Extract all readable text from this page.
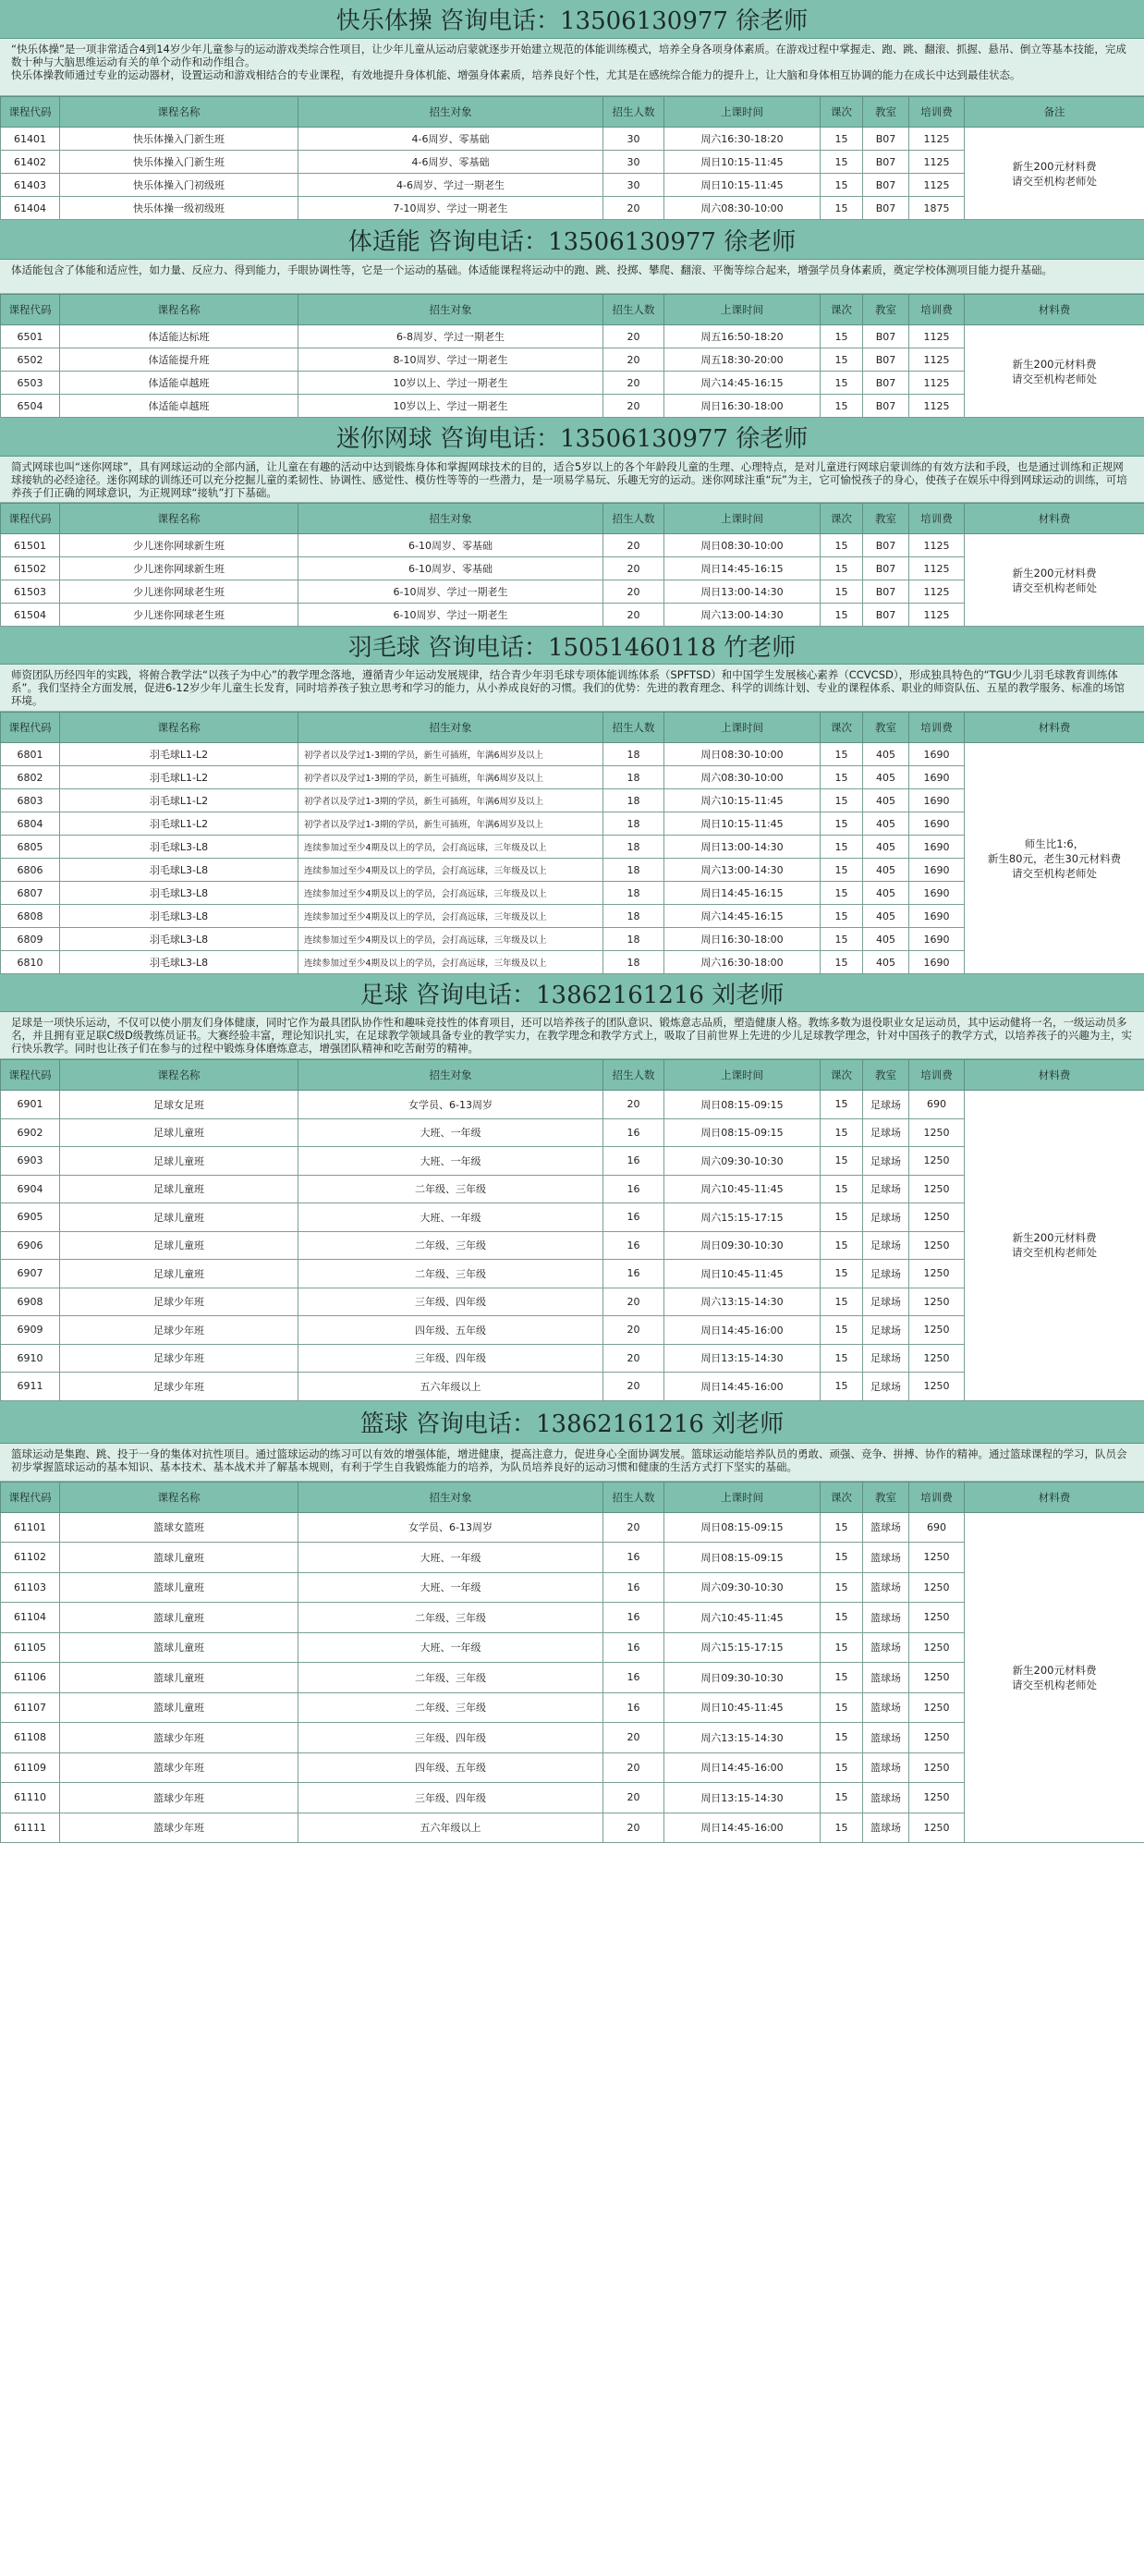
快乐体操 咨询电话：13506130977 徐老师
“快乐体操”是一项非常适合4到14岁少年儿童参与的运动游戏类综合性项目，让少年儿童从运动启蒙就逐步开始建立规范的体能训练模式，培养全身各项身体素质。在游戏过程中掌握走、跑、跳、翻滚、抓握、悬吊、倒立等基本技能，完成数十种与大脑思维运动有关的单个动作和动作组合。
快乐体操教师通过专业的运动器材，设置运动和游戏相结合的专业课程，有效地提升身体机能、增强身体素质，培养良好个性，尤其是在感统综合能力的提升上，让大脑和身体相互协调的能力在成长中达到最佳状态。
课程代码	课程名称	招生对象	招生人数	上课时间	课次	教室	培训费	备注
61401	快乐体操入门新生班	4-6周岁、零基础	30	周六16:30-18:20	15	B07	1125	新生200元材料费
请交至机构老师处
61402	快乐体操入门新生班	4-6周岁、零基础	30	周日10:15-11:45	15	B07	1125	
61403	快乐体操入门初级班	4-6周岁、学过一期老生	30	周日10:15-11:45	15	B07	1125	
61404	快乐体操一级初级班	7-10周岁、学过一期老生	20	周六08:30-10:00	15	B07	1875	
体适能 咨询电话：13506130977 徐老师
体适能包含了体能和适应性，如力量、反应力、得到能力，手眼协调性等，它是一个运动的基础。体适能课程将运动中的跑、跳、投掷、攀爬、翻滚、平衡等综合起来，增强学员身体素质，奠定学校体测项目能力提升基础。
课程代码	课程名称	招生对象	招生人数	上课时间	课次	教室	培训费	材料费
6501	体适能达标班	6-8周岁、学过一期老生	20	周五16:50-18:20	15	B07	1125	新生200元材料费
请交至机构老师处
6502	体适能提升班	8-10周岁、学过一期老生	20	周五18:30-20:00	15	B07	1125	
6503	体适能卓越班	10岁以上、学过一期老生	20	周六14:45-16:15	15	B07	1125	
6504	体适能卓越班	10岁以上、学过一期老生	20	周日16:30-18:00	15	B07	1125	
迷你网球 咨询电话：13506130977 徐老师
简式网球也叫“迷你网球”，具有网球运动的全部内涵，让儿童在有趣的活动中达到锻炼身体和掌握网球技术的目的，适合5岁以上的各个年龄段儿童的生理、心理特点，是对儿童进行网球启蒙训练的有效方法和手段，也是通过训练和正规网球接轨的必经途径。迷你网球的训练还可以充分挖掘儿童的柔韧性、协调性、感觉性、模仿性等等的一些潜力，是一项易学易玩、乐趣无穷的运动。迷你网球注重“玩”为主，它可愉悦孩子的身心，使孩子在娱乐中得到网球运动的训练，可培养孩子们正确的网球意识，为正规网球“接轨”打下基础。
课程代码	课程名称	招生对象	招生人数	上课时间	课次	教室	培训费	材料费
61501	少儿迷你网球新生班	6-10周岁、零基础	20	周日08:30-10:00	15	B07	1125	新生200元材料费
请交至机构老师处
61502	少儿迷你网球新生班	6-10周岁、零基础	20	周日14:45-16:15	15	B07	1125	
61503	少儿迷你网球老生班	6-10周岁、学过一期老生	20	周日13:00-14:30	15	B07	1125	
61504	少儿迷你网球老生班	6-10周岁、学过一期老生	20	周六13:00-14:30	15	B07	1125	
羽毛球 咨询电话：15051460118 竹老师
师资团队历经四年的实践，将俯合教学法“以孩子为中心”的教学理念落地，遵循青少年运动发展规律，结合青少年羽毛球专项体能训练体系（SPFTSD）和中国学生发展核心素养（CCVCSD），形成独具特色的“TGU少儿羽毛球教育训练体系”。我们坚持全方面发展，促进6-12岁少年儿童生长发育，同时培养孩子独立思考和学习的能力，从小养成良好的习惯。我们的优势：先进的教育理念、科学的训练计划、专业的课程体系、职业的师资队伍、五星的教学服务、标准的场馆环境。
课程代码	课程名称	招生对象	招生人数	上课时间	课次	教室	培训费	材料费
6801	羽毛球L1-L2	初学者以及学过1-3期的学员，新生可插班，年满6周岁及以上	18	周日08:30-10:00	15	405	1690	师生比1:6，
新生80元，老生30元材料费
请交至机构老师处
6802	羽毛球L1-L2	初学者以及学过1-3期的学员，新生可插班，年满6周岁及以上	18	周六08:30-10:00	15	405	1690	
6803	羽毛球L1-L2	初学者以及学过1-3期的学员，新生可插班，年满6周岁及以上	18	周六10:15-11:45	15	405	1690	
6804	羽毛球L1-L2	初学者以及学过1-3期的学员，新生可插班，年满6周岁及以上	18	周日10:15-11:45	15	405	1690	
6805	羽毛球L3-L8	连续参加过至少4期及以上的学员，会打高远球，三年级及以上	18	周日13:00-14:30	15	405	1690	
6806	羽毛球L3-L8	连续参加过至少4期及以上的学员，会打高远球，三年级及以上	18	周六13:00-14:30	15	405	1690	
6807	羽毛球L3-L8	连续参加过至少4期及以上的学员，会打高远球，三年级及以上	18	周日14:45-16:15	15	405	1690	
6808	羽毛球L3-L8	连续参加过至少4期及以上的学员，会打高远球，三年级及以上	18	周六14:45-16:15	15	405	1690	
6809	羽毛球L3-L8	连续参加过至少4期及以上的学员，会打高远球，三年级及以上	18	周日16:30-18:00	15	405	1690	
6810	羽毛球L3-L8	连续参加过至少4期及以上的学员，会打高远球，三年级及以上	18	周六16:30-18:00	15	405	1690	
足球 咨询电话：13862161216 刘老师
足球是一项快乐运动，不仅可以使小朋友们身体健康，同时它作为最具团队协作性和趣味竞技性的体育项目，还可以培养孩子的团队意识、锻炼意志品质，塑造健康人格。教练多数为退役职业女足运动员，其中运动健将一名，一级运动员多名，并且拥有亚足联C级D级教练员证书。大赛经验丰富，理论知识扎实，在足球教学领域具备专业的教学实力，在教学理念和教学方式上，吸取了目前世界上先进的少儿足球教学理念，针对中国孩子的教学方式，以培养孩子的兴趣为主，实行快乐教学。同时也让孩子们在参与的过程中锻炼身体磨炼意志，增强团队精神和吃苦耐劳的精神。
课程代码	课程名称	招生对象	招生人数	上课时间	课次	教室	培训费	材料费
6901	足球女足班	女学员、6-13周岁	20	周日08:15-09:15	15	足球场	690	新生200元材料费
请交至机构老师处
6902	足球儿童班	大班、一年级	16	周日08:15-09:15	15	足球场	1250	
6903	足球儿童班	大班、一年级	16	周六09:30-10:30	15	足球场	1250	
6904	足球儿童班	二年级、三年级	16	周六10:45-11:45	15	足球场	1250	
6905	足球儿童班	大班、一年级	16	周六15:15-17:15	15	足球场	1250	
6906	足球儿童班	二年级、三年级	16	周日09:30-10:30	15	足球场	1250	
6907	足球儿童班	二年级、三年级	16	周日10:45-11:45	15	足球场	1250	
6908	足球少年班	三年级、四年级	20	周六13:15-14:30	15	足球场	1250	
6909	足球少年班	四年级、五年级	20	周日14:45-16:00	15	足球场	1250	
6910	足球少年班	三年级、四年级	20	周日13:15-14:30	15	足球场	1250	
6911	足球少年班	五六年级以上	20	周日14:45-16:00	15	足球场	1250	
篮球 咨询电话：13862161216 刘老师
篮球运动是集跑、跳、投于一身的集体对抗性项目。通过篮球运动的练习可以有效的增强体能，增进健康，提高注意力，促进身心全面协调发展。篮球运动能培养队员的勇敢、顽强、竞争、拼搏、协作的精神。通过篮球课程的学习，队员会初步掌握篮球运动的基本知识、基本技术、基本战术并了解基本规则，有利于学生自我锻炼能力的培养，为队员培养良好的运动习惯和健康的生活方式打下坚实的基础。
课程代码	课程名称	招生对象	招生人数	上课时间	课次	教室	培训费	材料费
61101	篮球女篮班	女学员、6-13周岁	20	周日08:15-09:15	15	篮球场	690	新生200元材料费
请交至机构老师处
61102	篮球儿童班	大班、一年级	16	周日08:15-09:15	15	篮球场	1250	
61103	篮球儿童班	大班、一年级	16	周六09:30-10:30	15	篮球场	1250	
61104	篮球儿童班	二年级、三年级	16	周六10:45-11:45	15	篮球场	1250	
61105	篮球儿童班	大班、一年级	16	周六15:15-17:15	15	篮球场	1250	
61106	篮球儿童班	二年级、三年级	16	周日09:30-10:30	15	篮球场	1250	
61107	篮球儿童班	二年级、三年级	16	周日10:45-11:45	15	篮球场	1250	
61108	篮球少年班	三年级、四年级	20	周六13:15-14:30	15	篮球场	1250	
61109	篮球少年班	四年级、五年级	20	周日14:45-16:00	15	篮球场	1250	
61110	篮球少年班	三年级、四年级	20	周日13:15-14:30	15	篮球场	1250	
61111	篮球少年班	五六年级以上	20	周日14:45-16:00	15	篮球场	1250	
